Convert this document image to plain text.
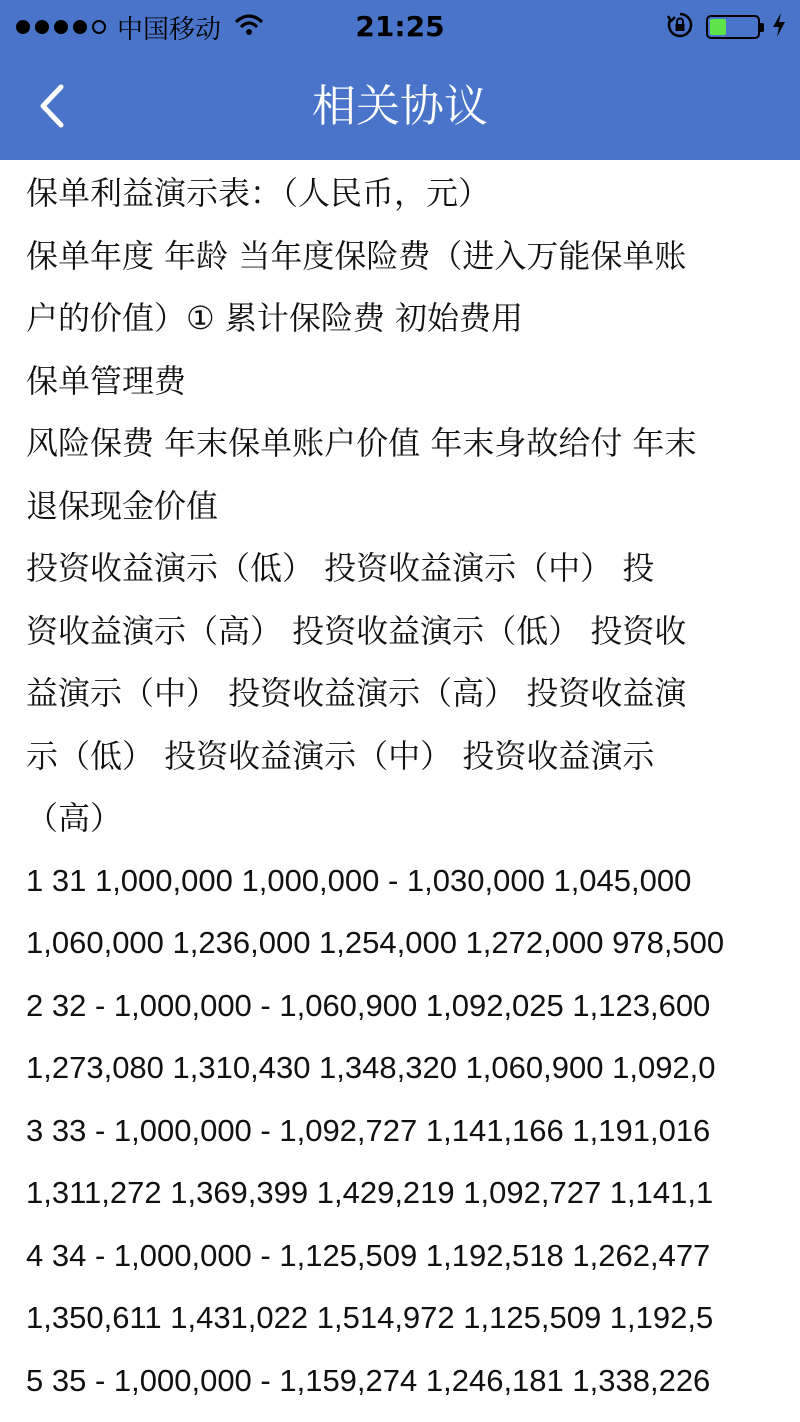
中国移动	21:25
相关协议
保单利益演示表：（人民币，元）
保单年度 年龄 当年度保险费（进入万能保单账
户的价值）① 累计保险费 初始费用
保单管理费
风险保费 年末保单账户价值 年末身故给付 年末
退保现金价值
投资收益演示（低） 投资收益演示（中） 投
资收益演示（高） 投资收益演示（低） 投资收
益演示（中） 投资收益演示（高） 投资收益演
示（低） 投资收益演示（中） 投资收益演示
（高）
1 31 1,000,000 1,000,000 - 1,030,000 1,045,000
1,060,000 1,236,000 1,254,000 1,272,000 978,500
2 32 - 1,000,000 - 1,060,900 1,092,025 1,123,600
1,273,080 1,310,430 1,348,320 1,060,900 1,092,0
3 33 - 1,000,000 - 1,092,727 1,141,166 1,191,016
1,311,272 1,369,399 1,429,219 1,092,727 1,141,1
4 34 - 1,000,000 - 1,125,509 1,192,518 1,262,477
1,350,611 1,431,022 1,514,972 1,125,509 1,192,5
5 35 - 1,000,000 - 1,159,274 1,246,181 1,338,226
